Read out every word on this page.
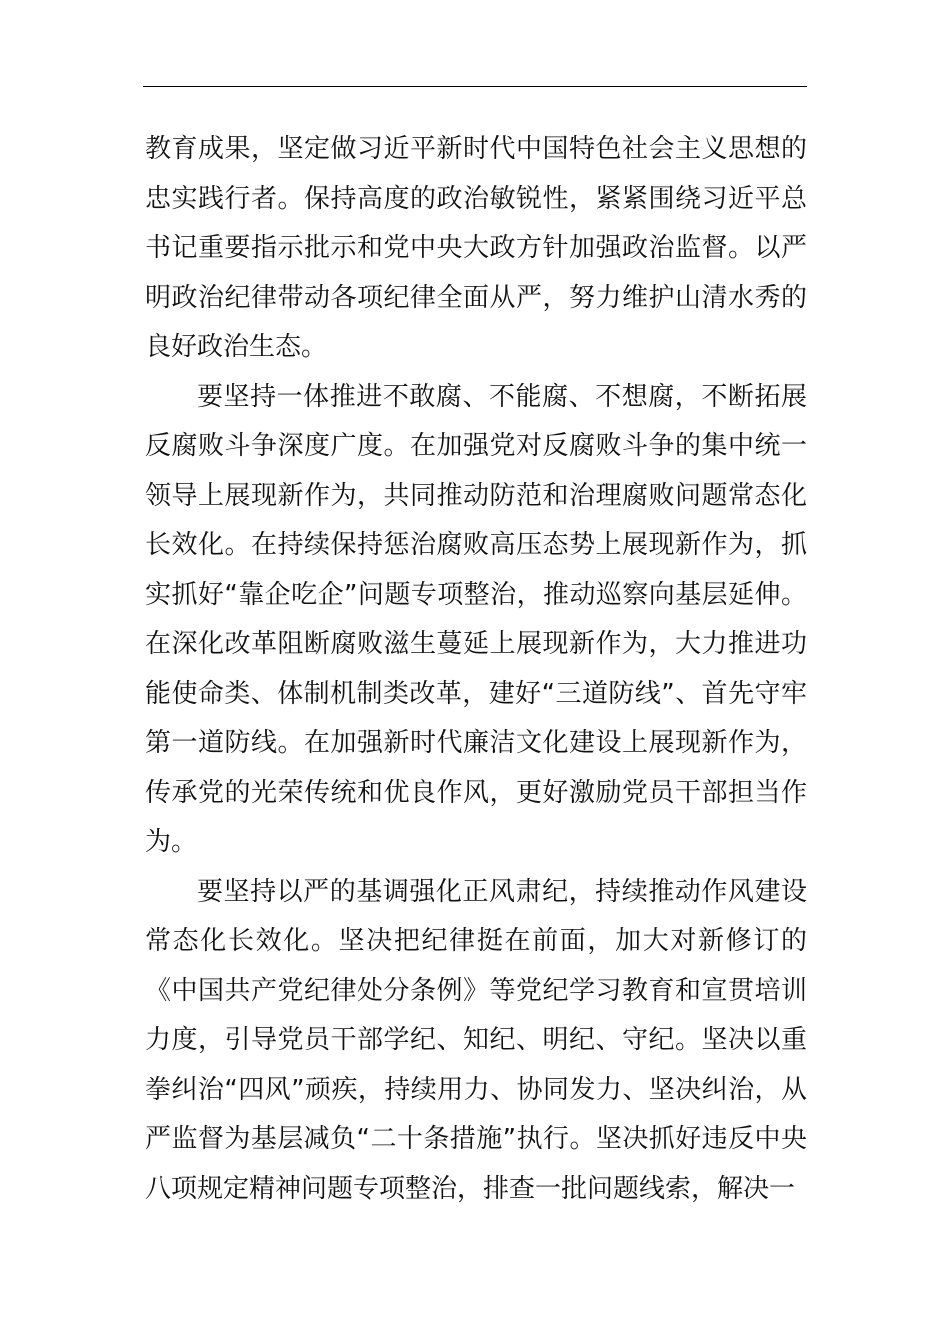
教育成果，坚定做习近平新时代中国特色社会主义思想的忠实践行者。保持高度的政治敏锐性，紧紧围绕习近平总书记重要指示批示和党中央大政方针加强政治监督。以严明政治纪律带动各项纪律全面从严，努力维护山清水秀的良好政治生态。

要坚持一体推进不敢腐、不能腐、不想腐，不断拓展反腐败斗争深度广度。在加强党对反腐败斗争的集中统一领导上展现新作为，共同推动防范和治理腐败问题常态化长效化。在持续保持惩治腐败高压态势上展现新作为，抓实抓好“靠企吃企”问题专项整治，推动巡察向基层延伸。在深化改革阻断腐败滋生蔓延上展现新作为，大力推进功能使命类、体制机制类改革，建好“三道防线”、首先守牢第一道防线。在加强新时代廉洁文化建设上展现新作为，传承党的光荣传统和优良作风，更好激励党员干部担当作为。

要坚持以严的基调强化正风肃纪，持续推动作风建设常态化长效化。坚决把纪律挺在前面，加大对新修订的《中国共产党纪律处分条例》等党纪学习教育和宣贯培训力度，引导党员干部学纪、知纪、明纪、守纪。坚决以重拳纠治“四风”顽疾，持续用力、协同发力、坚决纠治，从严监督为基层减负“二十条措施”执行。坚决抓好违反中央八项规定精神问题专项整治，排查一批问题线索，解决一
